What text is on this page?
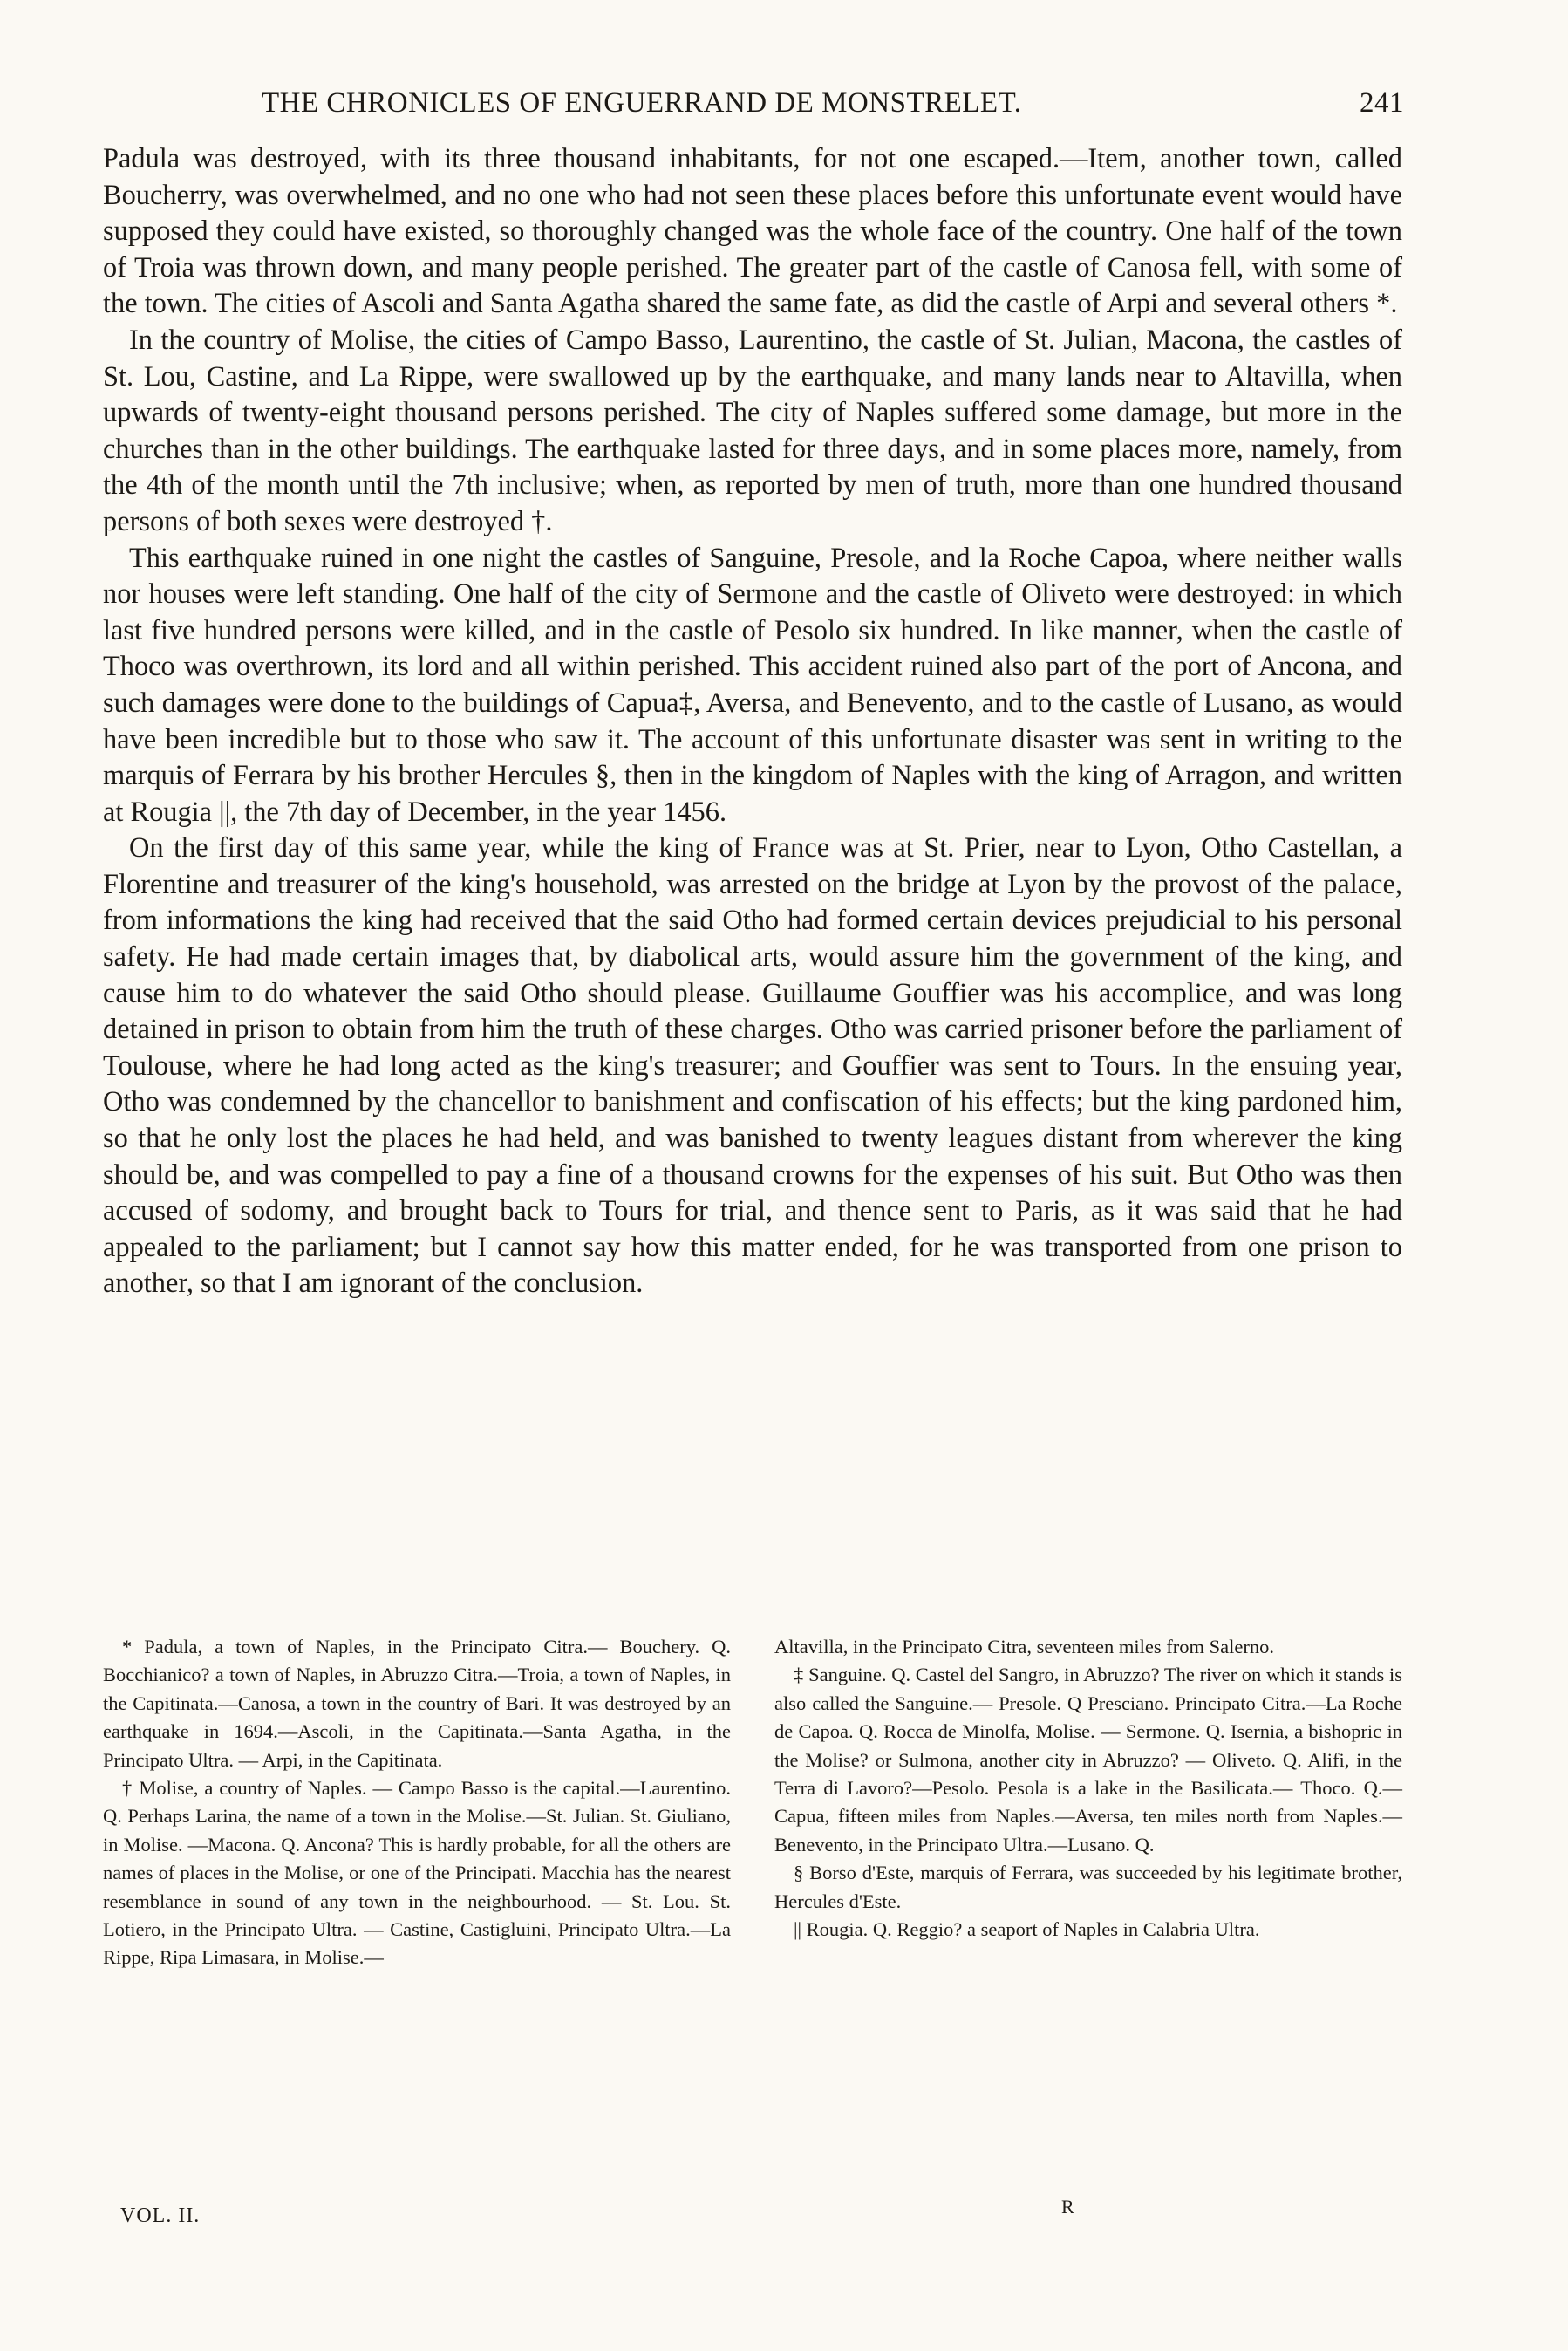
THE CHRONICLES OF ENGUERRAND DE MONSTRELET.	241

Padula was destroyed, with its three thousand inhabitants, for not one escaped.—Item, another town, called Boucherry, was overwhelmed, and no one who had not seen these places before this unfortunate event would have supposed they could have existed, so thoroughly changed was the whole face of the country. One half of the town of Troia was thrown down, and many people perished. The greater part of the castle of Canosa fell, with some of the town. The cities of Ascoli and Santa Agatha shared the same fate, as did the castle of Arpi and several others *.

In the country of Molise, the cities of Campo Basso, Laurentino, the castle of St. Julian, Macona, the castles of St. Lou, Castine, and La Rippe, were swallowed up by the earthquake, and many lands near to Altavilla, when upwards of twenty-eight thousand persons perished. The city of Naples suffered some damage, but more in the churches than in the other buildings. The earthquake lasted for three days, and in some places more, namely, from the 4th of the month until the 7th inclusive; when, as reported by men of truth, more than one hundred thousand persons of both sexes were destroyed †.

This earthquake ruined in one night the castles of Sanguine, Presole, and la Roche Capoa, where neither walls nor houses were left standing. One half of the city of Sermone and the castle of Oliveto were destroyed: in which last five hundred persons were killed, and in the castle of Pesolo six hundred. In like manner, when the castle of Thoco was overthrown, its lord and all within perished. This accident ruined also part of the port of Ancona, and such damages were done to the buildings of Capua‡, Aversa, and Benevento, and to the castle of Lusano, as would have been incredible but to those who saw it. The account of this unfortunate disaster was sent in writing to the marquis of Ferrara by his brother Hercules §, then in the kingdom of Naples with the king of Arragon, and written at Rougia ||, the 7th day of December, in the year 1456.

On the first day of this same year, while the king of France was at St. Prier, near to Lyon, Otho Castellan, a Florentine and treasurer of the king's household, was arrested on the bridge at Lyon by the provost of the palace, from informations the king had received that the said Otho had formed certain devices prejudicial to his personal safety. He had made certain images that, by diabolical arts, would assure him the government of the king, and cause him to do whatever the said Otho should please. Guillaume Gouffier was his accomplice, and was long detained in prison to obtain from him the truth of these charges. Otho was carried prisoner before the parliament of Toulouse, where he had long acted as the king's treasurer; and Gouffier was sent to Tours. In the ensuing year, Otho was condemned by the chancellor to banishment and confiscation of his effects; but the king pardoned him, so that he only lost the places he had held, and was banished to twenty leagues distant from wherever the king should be, and was compelled to pay a fine of a thousand crowns for the expenses of his suit. But Otho was then accused of sodomy, and brought back to Tours for trial, and thence sent to Paris, as it was said that he had appealed to the parliament; but I cannot say how this matter ended, for he was transported from one prison to another, so that I am ignorant of the conclusion.

* Padula, a town of Naples, in the Principato Citra.— Bouchery. Q. Bocchianico? a town of Naples, in Abruzzo Citra.—Troia, a town of Naples, in the Capitinata.—Canosa, a town in the country of Bari. It was destroyed by an earthquake in 1694.—Ascoli, in the Capitinata.—Santa Agatha, in the Principato Ultra. — Arpi, in the Capitinata.

† Molise, a country of Naples. — Campo Basso is the capital.—Laurentino. Q. Perhaps Larina, the name of a town in the Molise.—St. Julian. St. Giuliano, in Molise. —Macona. Q. Ancona? This is hardly probable, for all the others are names of places in the Molise, or one of the Principati. Macchia has the nearest resemblance in sound of any town in the neighbourhood. — St. Lou. St. Lotiero, in the Principato Ultra. — Castine, Castigluini, Principato Ultra.—La Rippe, Ripa Limasara, in Molise.—

Altavilla, in the Principato Citra, seventeen miles from Salerno.

‡ Sanguine. Q. Castel del Sangro, in Abruzzo? The river on which it stands is also called the Sanguine.— Presole. Q Presciano. Principato Citra.—La Roche de Capoa. Q. Rocca de Minolfa, Molise. — Sermone. Q. Isernia, a bishopric in the Molise? or Sulmona, another city in Abruzzo? — Oliveto. Q. Alifi, in the Terra di Lavoro?—Pesolo. Pesola is a lake in the Basilicata.— Thoco. Q.—Capua, fifteen miles from Naples.—Aversa, ten miles north from Naples.—Benevento, in the Principato Ultra.—Lusano. Q.

§ Borso d'Este, marquis of Ferrara, was succeeded by his legitimate brother, Hercules d'Este.

|| Rougia. Q. Reggio? a seaport of Naples in Calabria Ultra.

VOL. II.	R
